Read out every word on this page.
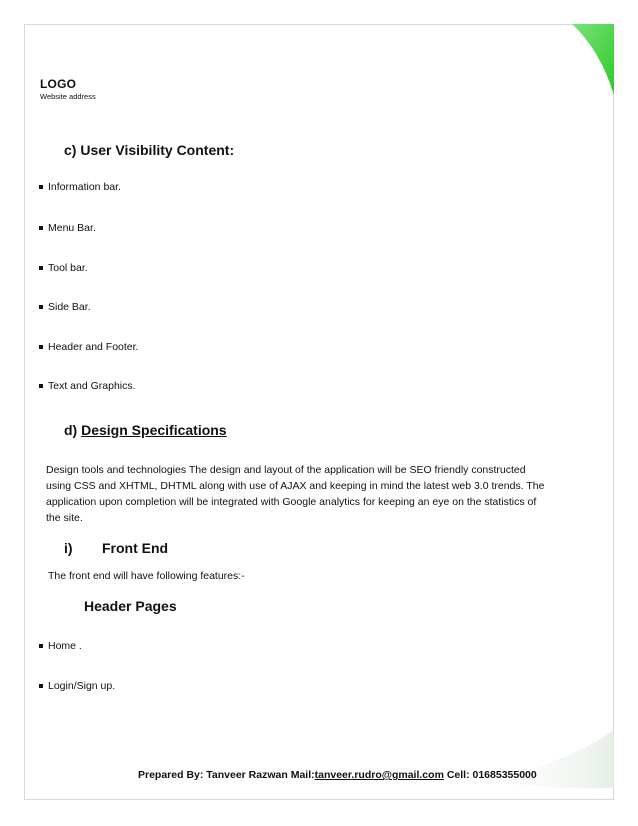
LOGO
Website address
c) User Visibility Content:
Information bar.
Menu Bar.
Tool bar.
Side Bar.
Header and Footer.
Text and Graphics.
d) Design Specifications
Design tools and technologies The design and layout of the application will be SEO friendly constructed
using CSS and XHTML, DHTML along with use of AJAX and keeping in mind the latest web 3.0 trends. The
application upon completion will be integrated with Google analytics for keeping an eye on the statistics of
the site.
i) Front End
The front end will have following features:-
Header Pages
Home .
Login/Sign up.
Prepared By: Tanveer Razwan Mail:tanveer.rudro@gmail.com Cell: 01685355000
